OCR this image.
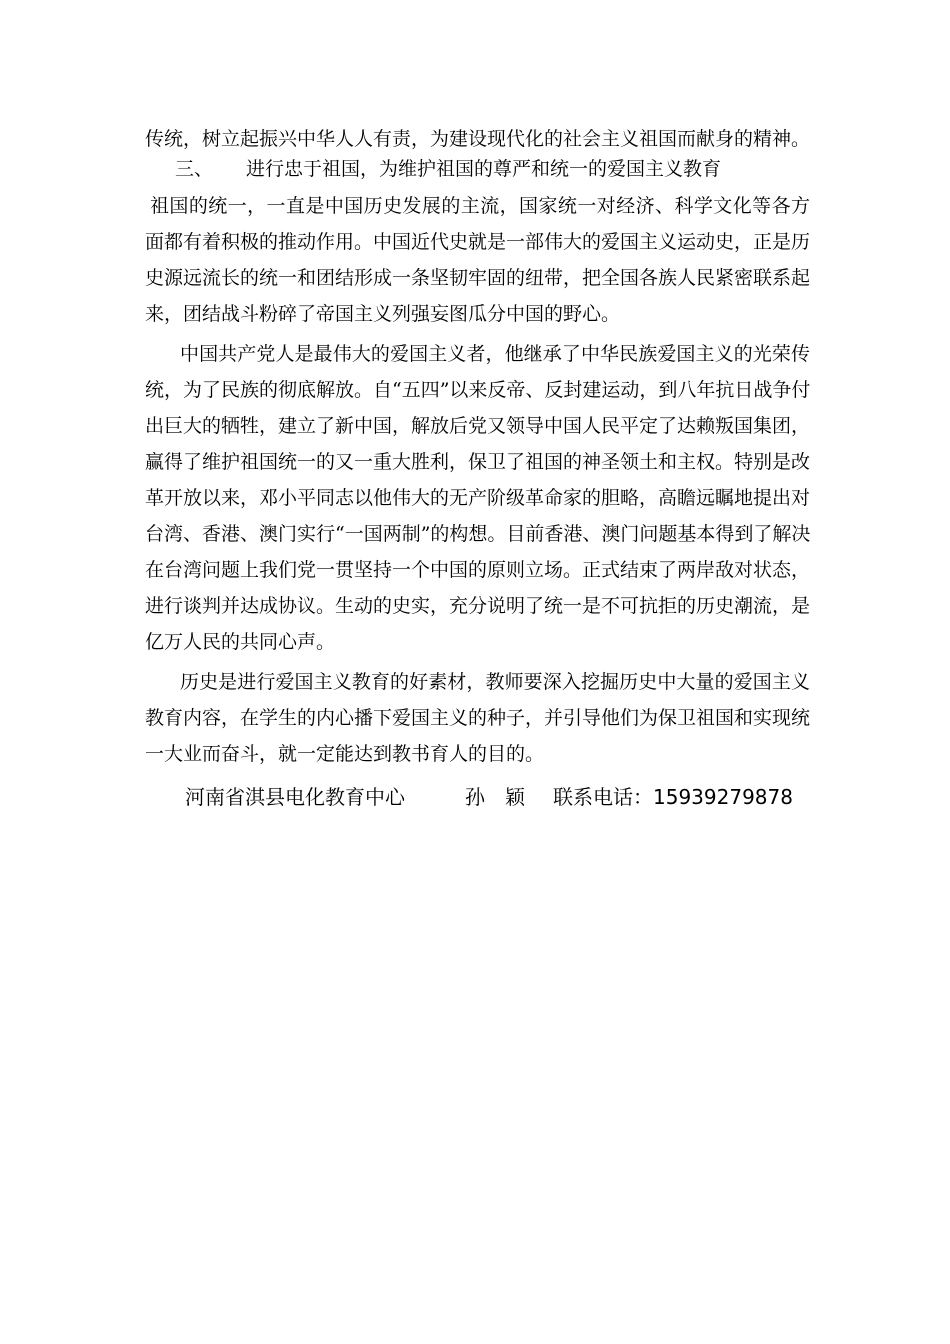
传统，树立起振兴中华人人有责，为建设现代化的社会主义祖国而献身的精神。
三、 进行忠于祖国，为维护祖国的尊严和统一的爱国主义教育
祖国的统一，一直是中国历史发展的主流，国家统一对经济、科学文化等各方
面都有着积极的推动作用。中国近代史就是一部伟大的爱国主义运动史，正是历
史源远流长的统一和团结形成一条坚韧牢固的纽带，把全国各族人民紧密联系起
来，团结战斗粉碎了帝国主义列强妄图瓜分中国的野心。
中国共产党人是最伟大的爱国主义者，他继承了中华民族爱国主义的光荣传
统，为了民族的彻底解放。自“五四”以来反帝、反封建运动，到八年抗日战争付
出巨大的牺牲，建立了新中国，解放后党又领导中国人民平定了达赖叛国集团，
赢得了维护祖国统一的又一重大胜利，保卫了祖国的神圣领土和主权。特别是改
革开放以来，邓小平同志以他伟大的无产阶级革命家的胆略，高瞻远瞩地提出对
台湾、香港、澳门实行“一国两制”的构想。目前香港、澳门问题基本得到了解决
在台湾问题上我们党一贯坚持一个中国的原则立场。正式结束了两岸敌对状态，
进行谈判并达成协议。生动的史实，充分说明了统一是不可抗拒的历史潮流，是
亿万人民的共同心声。
历史是进行爱国主义教育的好素材，教师要深入挖掘历史中大量的爱国主义
教育内容，在学生的内心播下爱国主义的种子，并引导他们为保卫祖国和实现统
一大业而奋斗，就一定能达到教书育人的目的。
河南省淇县电化教育中心	孙　颖 联系电话：15939279878
